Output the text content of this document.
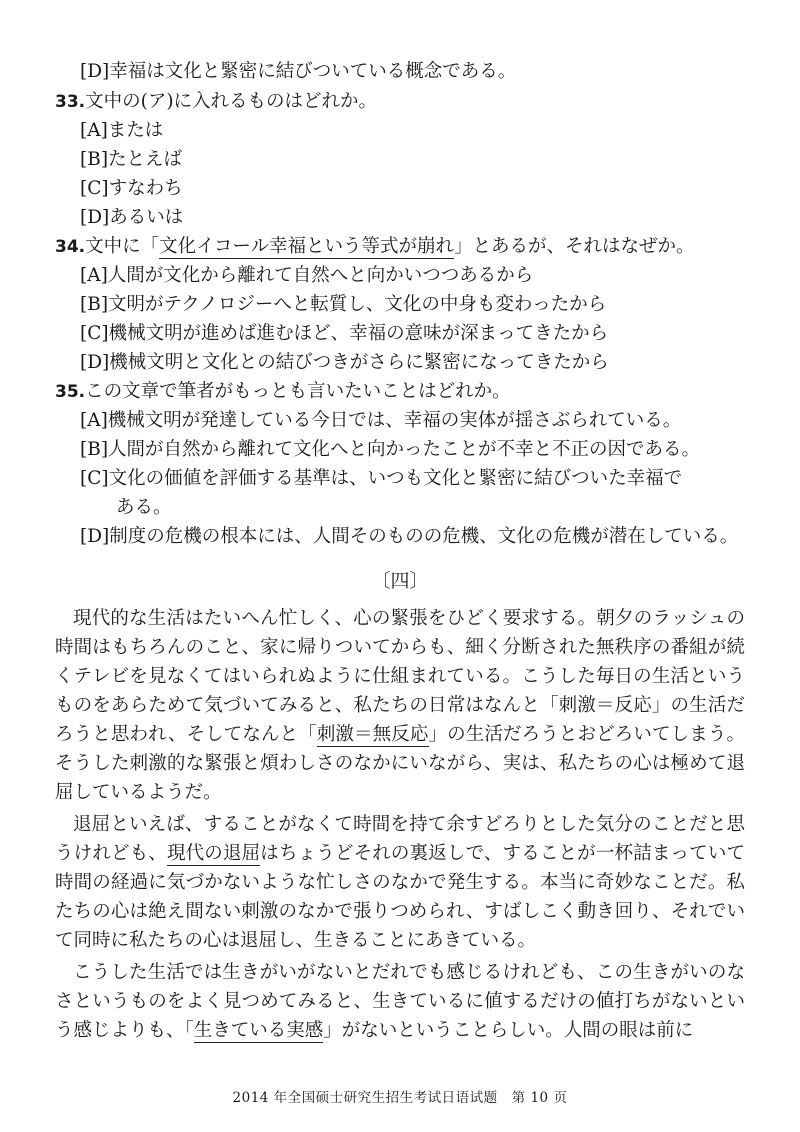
[D]幸福は文化と緊密に結びついている概念である。
33.文中の(ア)に入れるものはどれか。
[A]または
[B]たとえば
[C]すなわち
[D]あるいは
34.文中に「文化イコール幸福という等式が崩れ」とあるが、それはなぜか。
[A]人間が文化から離れて自然へと向かいつつあるから
[B]文明がテクノロジーへと転質し、文化の中身も変わったから
[C]機械文明が進めば進むほど、幸福の意味が深まってきたから
[D]機械文明と文化との結びつきがさらに緊密になってきたから
35.この文章で筆者がもっとも言いたいことはどれか。
[A]機械文明が発達している今日では、幸福の実体が揺さぶられている。
[B]人間が自然から離れて文化へと向かったことが不幸と不正の因である。
[C]文化の価値を評価する基準は、いつも文化と緊密に結びついた幸福で
ある。
[D]制度の危機の根本には、人間そのものの危機、文化の危機が潜在している。
〔四〕
現代的な生活はたいへん忙しく、心の緊張をひどく要求する。朝夕のラッシュの時間はもちろんのこと、家に帰りついてからも、細く分断された無秩序の番組が続くテレビを見なくてはいられぬように仕組まれている。こうした毎日の生活というものをあらためて気づいてみると、私たちの日常はなんと「刺激＝反応」の生活だろうと思われ、そしてなんと「刺激＝無反応」の生活だろうとおどろいてしまう。そうした刺激的な緊張と煩わしさのなかにいながら、実は、私たちの心は極めて退屈しているようだ。
退屈といえば、することがなくて時間を持て余すどろりとした気分のことだと思うけれども、現代の退屈はちょうどそれの裏返しで、することが一杯詰まっていて時間の経過に気づかないような忙しさのなかで発生する。本当に奇妙なことだ。私たちの心は絶え間ない刺激のなかで張りつめられ、すばしこく動き回り、それでいて同時に私たちの心は退屈し、生きることにあきている。
こうした生活では生きがいがないとだれでも感じるけれども、この生きがいのなさというものをよく見つめてみると、生きているに値するだけの値打ちがないという感じよりも、「生きている実感」がないということらしい。人間の眼は前に
2014 年全国硕士研究生招生考试日语试题　第 10 页
